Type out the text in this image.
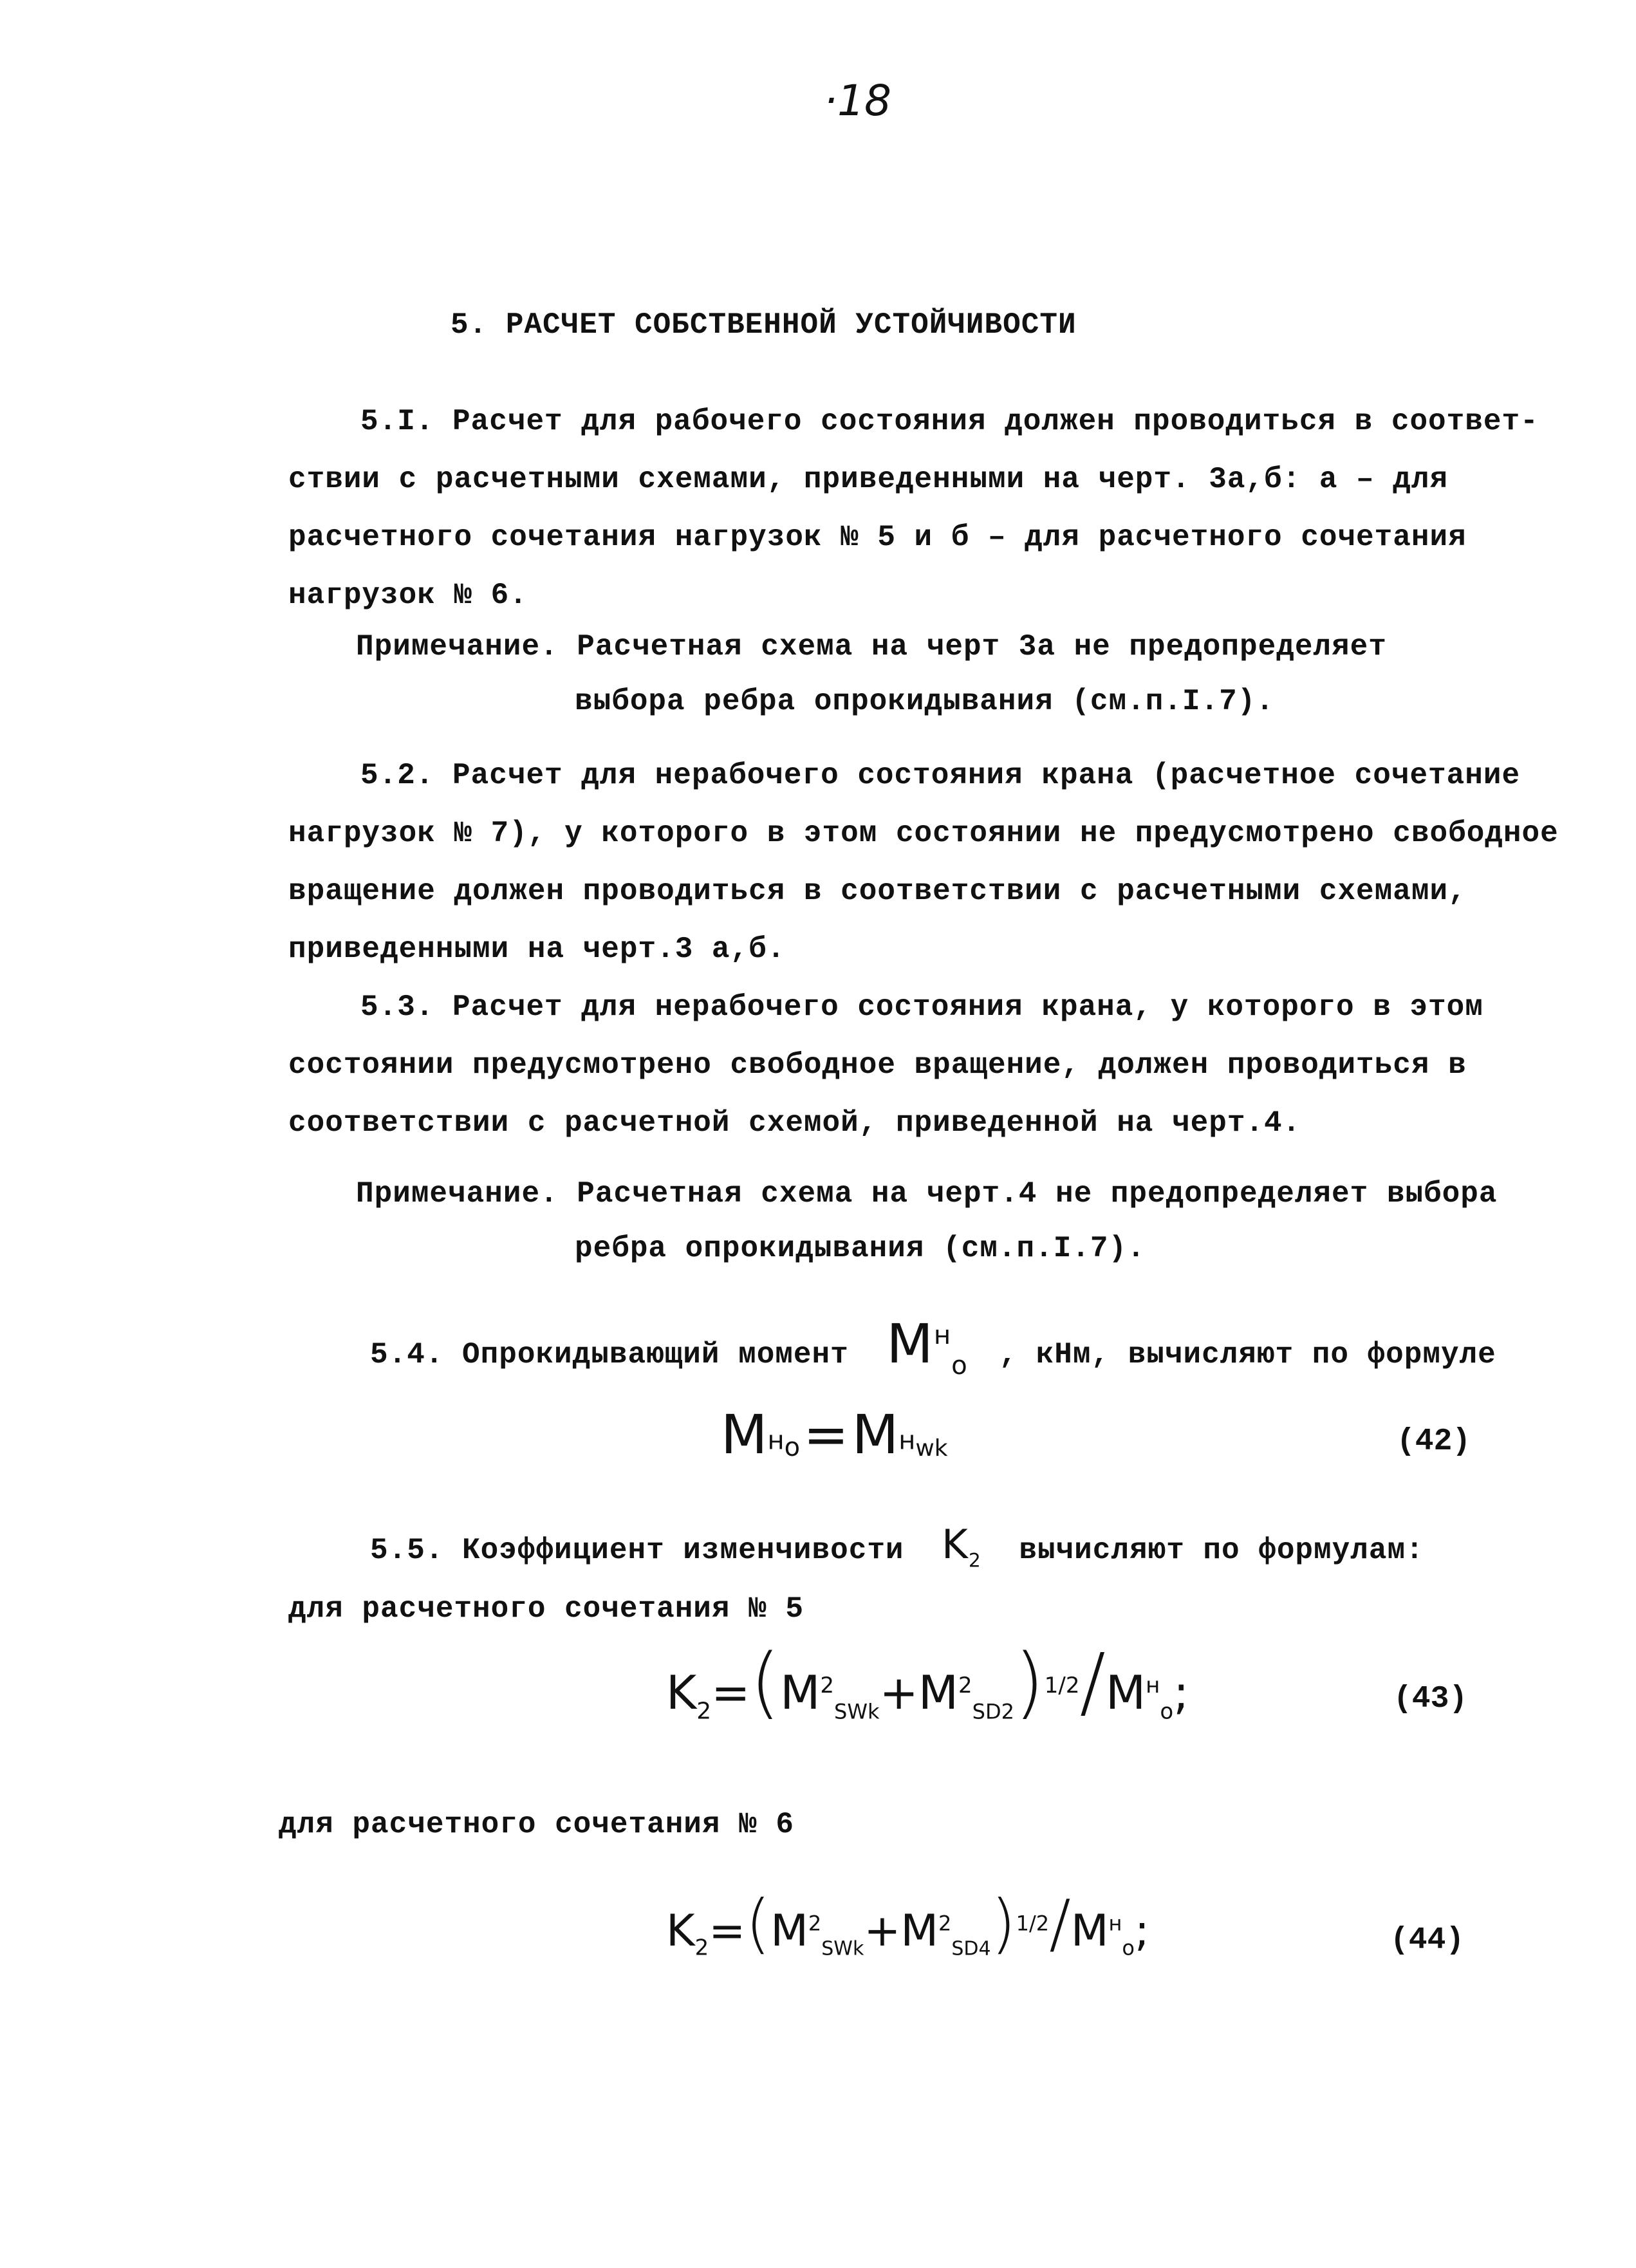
·18
5. РАСЧЕТ СОБСТВЕННОЙ УСТОЙЧИВОСТИ
5.I. Расчет для рабочего состояния должен проводиться в соответ-
ствии с расчетными схемами, приведенными на черт. 3а,б: а – для
расчетного сочетания нагрузок № 5 и б – для расчетного сочетания
нагрузок № 6.
Примечание. Расчетная схема на черт 3а не предопределяет
выбора ребра опрокидывания (см.п.I.7).
5.2. Расчет для нерабочего состояния крана (расчетное сочетание
нагрузок № 7), у которого в этом состоянии не предусмотрено свободное
вращение должен проводиться в соответствии с расчетными схемами,
приведенными на черт.3 а,б.
5.3. Расчет для нерабочего состояния крана, у которого в этом
состоянии предусмотрено свободное вращение, должен проводиться в
соответствии с расчетной схемой, приведенной на черт.4.
Примечание. Расчетная схема на черт.4 не предопределяет выбора
ребра опрокидывания (см.п.I.7).
5.4. Опрокидывающий момент $M^н_o$ , кНм, вычисляют по формуле
$M^н_o = M^н_{wk}$	(42)
5.5. Коэффициент изменчивости $K_2$ вычисляют по формулам:
для расчетного сочетания № 5
$K_2=(M^2_{SWk}+M^2_{SD2})^{1/2}/M^н_o$;	(43)
для расчетного сочетания № 6
$K_2=(M^2_{SWk}+M^2_{SD4})^{1/2}/M^н_o$;	(44)
